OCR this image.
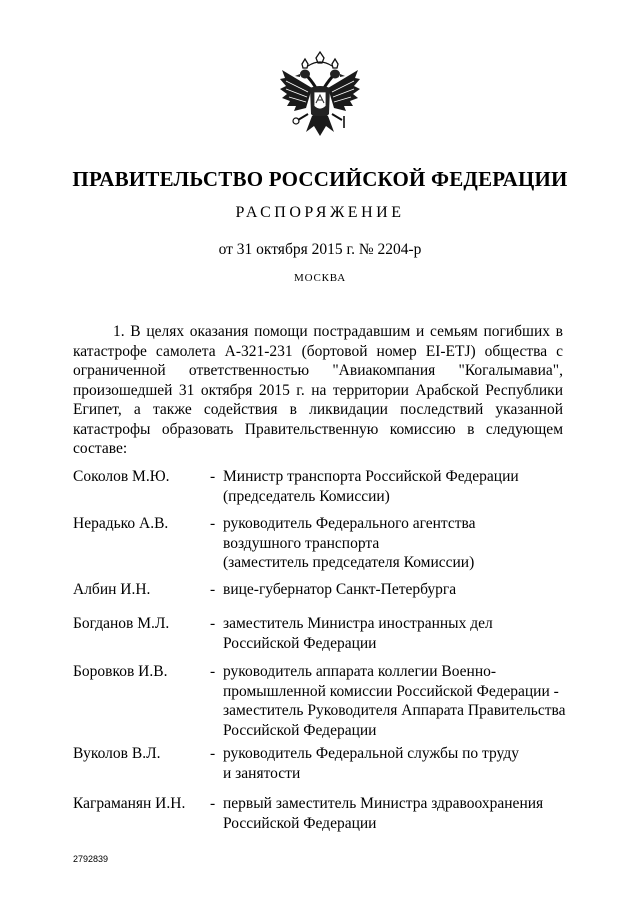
ПРАВИТЕЛЬСТВО РОССИЙСКОЙ ФЕДЕРАЦИИ
РАСПОРЯЖЕНИЕ
от 31 октября 2015 г. № 2204-р
МОСКВА

1. В целях оказания помощи пострадавшим и семьям погибших в катастрофе самолета А-321-231 (бортовой номер EI-ETJ) общества с ограниченной ответственностью "Авиакомпания "Когалымавиа", произошедшей 31 октября 2015 г. на территории Арабской Республики Египет, а также содействия в ликвидации последствий указанной катастрофы образовать Правительственную комиссию в следующем составе:

Соколов М.Ю.	- Министр транспорта Российской Федерации
(председатель Комиссии)
Нерадько А.В.	- руководитель Федерального агентства
воздушного транспорта
(заместитель председателя Комиссии)
Албин И.Н.	- вице-губернатор Санкт-Петербурга
Богданов М.Л.	- заместитель Министра иностранных дел
Российской Федерации
Боровков И.В.	- руководитель аппарата коллегии Военно-
промышленной комиссии Российской Федерации -
заместитель Руководителя Аппарата Правительства
Российской Федерации
Вуколов В.Л.	- руководитель Федеральной службы по труду
и занятости
Каграманян И.Н. - первый заместитель Министра здравоохранения
Российской Федерации
2792839
